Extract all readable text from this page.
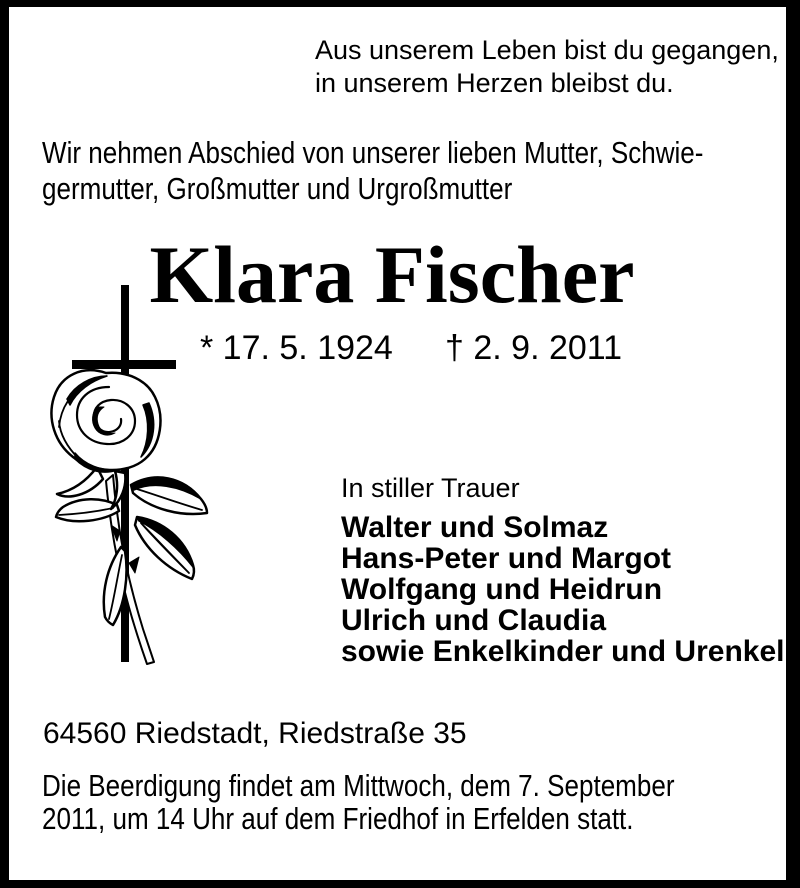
Aus unserem Leben bist du gegangen,
in unserem Herzen bleibst du.
Wir nehmen Abschied von unserer lieben Mutter, Schwie-
germutter, Großmutter und Urgroßmutter
Klara Fischer
* 17. 5. 1924 † 2. 9. 2011
In stiller Trauer
Walter und Solmaz
Hans-Peter und Margot
Wolfgang und Heidrun
Ulrich und Claudia
sowie Enkelkinder und Urenkel
64560 Riedstadt, Riedstraße 35
Die Beerdigung findet am Mittwoch, dem 7. September
2011, um 14 Uhr auf dem Friedhof in Erfelden statt.
